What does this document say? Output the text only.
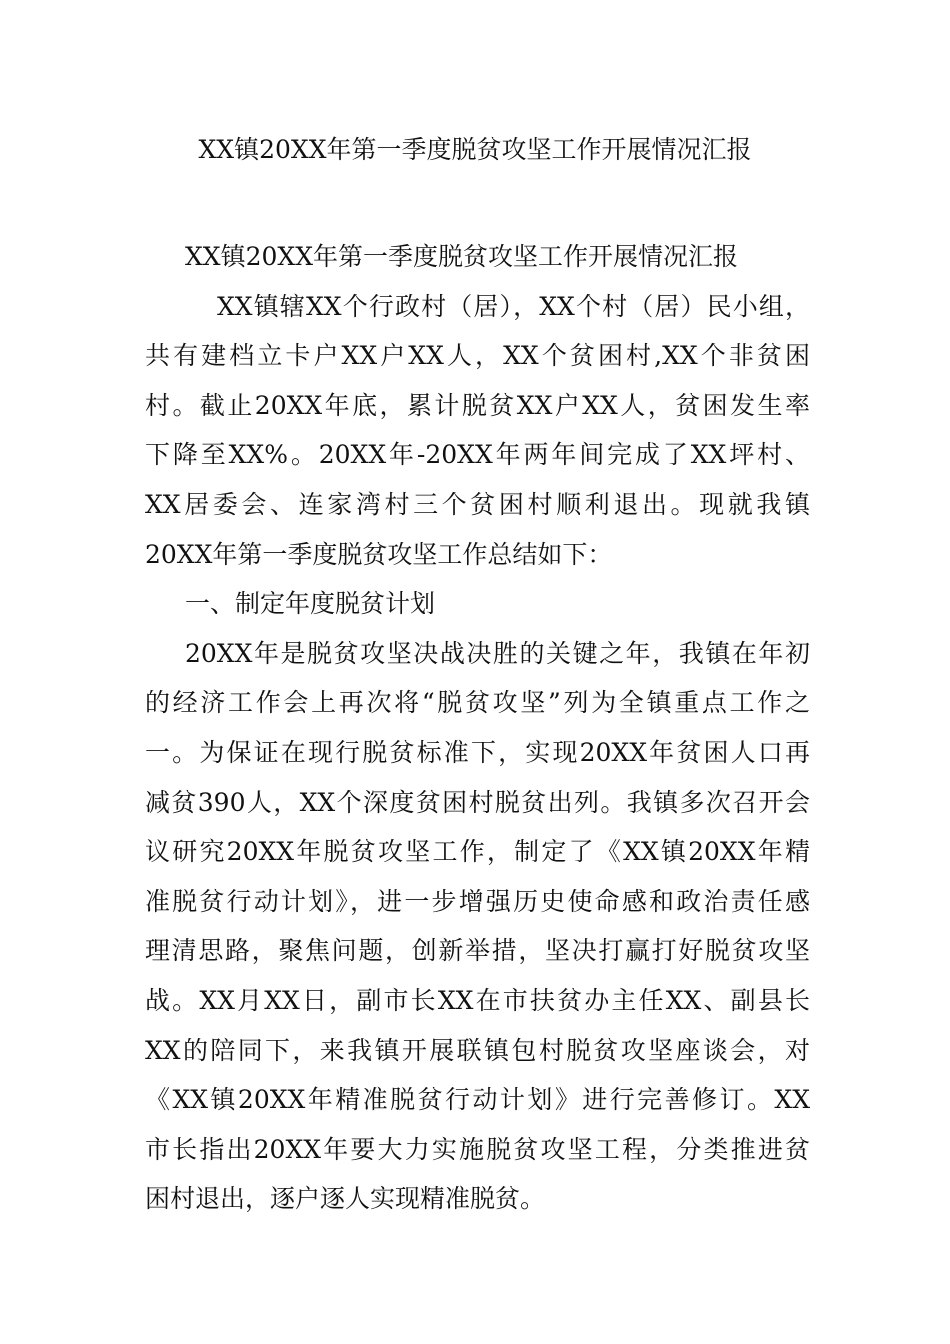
XX镇20XX年第一季度脱贫攻坚工作开展情况汇报
XX镇20XX年第一季度脱贫攻坚工作开展情况汇报
XX镇辖XX个行政村（居），XX个村（居）民小组，
共有建档立卡户XX户XX人，XX个贫困村,XX个非贫困
村。截止20XX年底，累计脱贫XX户XX人，贫困发生率
下降至XX%。20XX年-20XX年两年间完成了XX坪村、
XX居委会、连家湾村三个贫困村顺利退出。现就我镇
20XX年第一季度脱贫攻坚工作总结如下：
一、制定年度脱贫计划
20XX年是脱贫攻坚决战决胜的关键之年，我镇在年初
的经济工作会上再次将“脱贫攻坚”列为全镇重点工作之
一。为保证在现行脱贫标准下，实现20XX年贫困人口再
减贫390人，XX个深度贫困村脱贫出列。我镇多次召开会
议研究20XX年脱贫攻坚工作，制定了《XX镇20XX年精
准脱贫行动计划》，进一步增强历史使命感和政治责任感
理清思路，聚焦问题，创新举措，坚决打赢打好脱贫攻坚
战。XX月XX日，副市长XX在市扶贫办主任XX、副县长
XX的陪同下，来我镇开展联镇包村脱贫攻坚座谈会，对
《XX镇20XX年精准脱贫行动计划》进行完善修订。XX
市长指出20XX年要大力实施脱贫攻坚工程，分类推进贫
困村退出，逐户逐人实现精准脱贫。
